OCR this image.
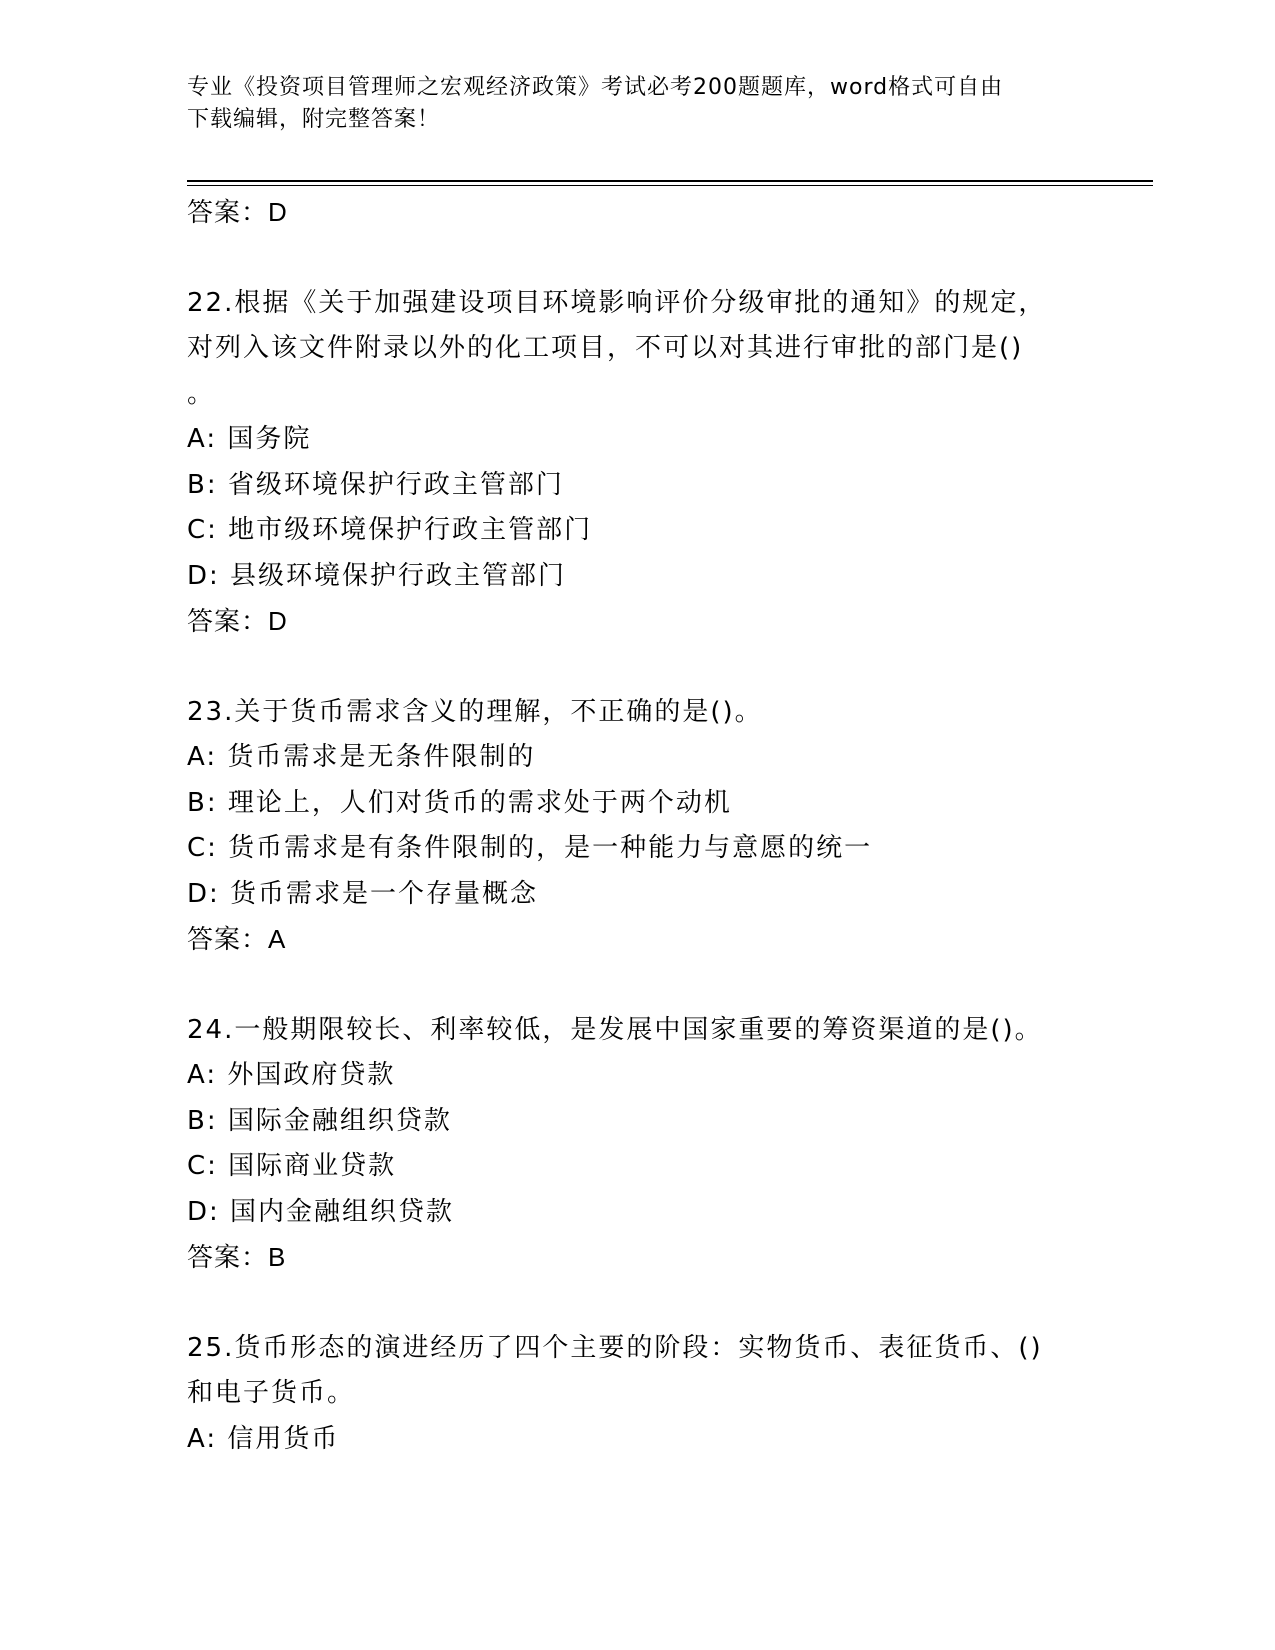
专业《投资项目管理师之宏观经济政策》考试必考200题题库，word格式可自由
下载编辑，附完整答案！
答案：D
22.根据《关于加强建设项目环境影响评价分级审批的通知》的规定，
对列入该文件附录以外的化工项目，不可以对其进行审批的部门是()
。
A: 国务院
B: 省级环境保护行政主管部门
C: 地市级环境保护行政主管部门
D: 县级环境保护行政主管部门
答案：D
23.关于货币需求含义的理解，不正确的是()。
A: 货币需求是无条件限制的
B: 理论上，人们对货币的需求处于两个动机
C: 货币需求是有条件限制的，是一种能力与意愿的统一
D: 货币需求是一个存量概念
答案：A
24.一般期限较长、利率较低，是发展中国家重要的筹资渠道的是()。
A: 外国政府贷款
B: 国际金融组织贷款
C: 国际商业贷款
D: 国内金融组织贷款
答案：B
25.货币形态的演进经历了四个主要的阶段：实物货币、表征货币、()
和电子货币。
A: 信用货币
